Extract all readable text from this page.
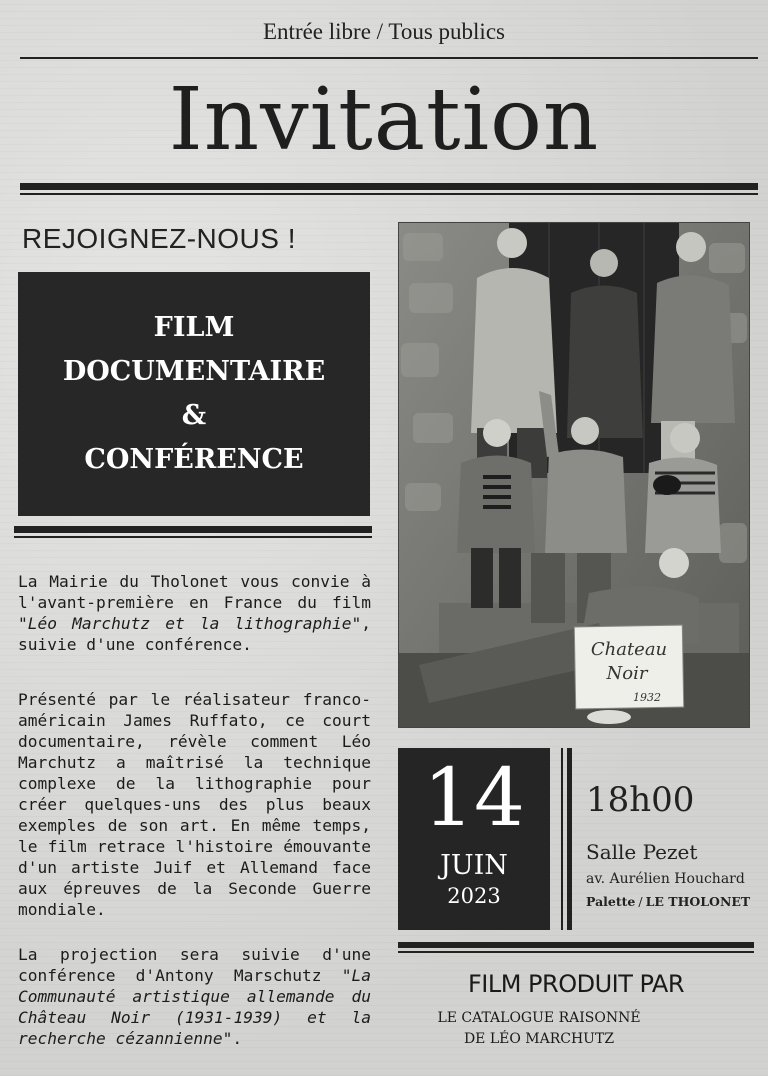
Entrée libre / Tous publics
Invitation
REJOIGNEZ-NOUS !
FILM
DOCUMENTAIRE
&
CONFÉRENCE
La Mairie du Tholonet vous convie à l'avant-première en France du film "Léo Marchutz et la lithographie", suivie d'une conférence.
Présenté par le réalisateur franco-américain James Ruffato, ce court documentaire, révèle comment Léo Marchutz a maîtrisé la technique complexe de la lithographie pour créer quelques-uns des plus beaux exemples de son art. En même temps, le film retrace l'histoire émouvante d'un artiste Juif et Allemand face aux épreuves de la Seconde Guerre mondiale.
La projection sera suivie d'une conférence d'Antony Marschutz "La Communauté artistique allemande du Château Noir (1931-1939) et la recherche cézannienne".
Chateau
Noir
1932
14
JUIN
2023
18h00
Salle Pezet
av. Aurélien Houchard
Palette / LE THOLONET
FILM PRODUIT PAR
LE CATALOGUE RAISONNÉ
DE LÉO MARCHUTZ
